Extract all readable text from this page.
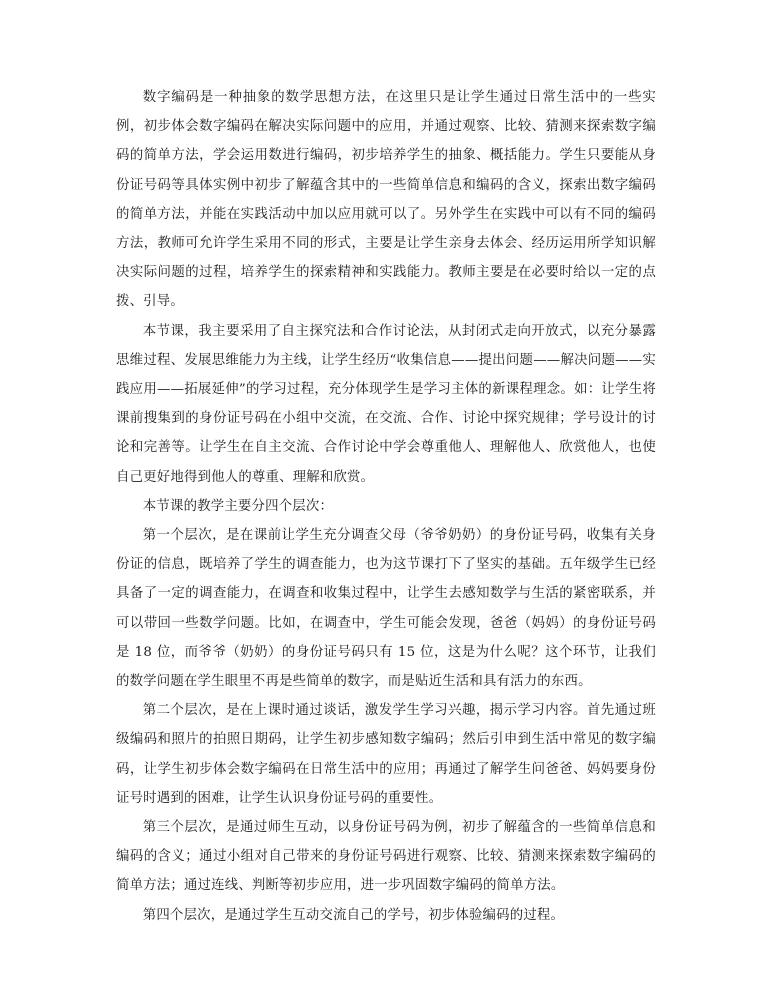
数字编码是一种抽象的数学思想方法，在这里只是让学生通过日常生活中的一些实例，初步体会数字编码在解决实际问题中的应用，并通过观察、比较、猜测来探索数字编码的简单方法，学会运用数进行编码，初步培养学生的抽象、概括能力。学生只要能从身份证号码等具体实例中初步了解蕴含其中的一些简单信息和编码的含义，探索出数字编码的简单方法，并能在实践活动中加以应用就可以了。另外学生在实践中可以有不同的编码方法，教师可允许学生采用不同的形式，主要是让学生亲身去体会、经历运用所学知识解决实际问题的过程，培养学生的探索精神和实践能力。教师主要是在必要时给以一定的点拨、引导。

本节课，我主要采用了自主探究法和合作讨论法，从封闭式走向开放式，以充分暴露思维过程、发展思维能力为主线，让学生经历“收集信息——提出问题——解决问题——实践应用——拓展延伸”的学习过程，充分体现学生是学习主体的新课程理念。如：让学生将课前搜集到的身份证号码在小组中交流，在交流、合作、讨论中探究规律；学号设计的讨论和完善等。让学生在自主交流、合作讨论中学会尊重他人、理解他人、欣赏他人，也使自己更好地得到他人的尊重、理解和欣赏。

本节课的教学主要分四个层次：

第一个层次，是在课前让学生充分调查父母（爷爷奶奶）的身份证号码，收集有关身份证的信息，既培养了学生的调查能力，也为这节课打下了坚实的基础。五年级学生已经具备了一定的调查能力，在调查和收集过程中，让学生去感知数学与生活的紧密联系，并可以带回一些数学问题。比如，在调查中，学生可能会发现，爸爸（妈妈）的身份证号码是 18 位，而爷爷（奶奶）的身份证号码只有 15 位，这是为什么呢？这个环节，让我们的数学问题在学生眼里不再是些简单的数字，而是贴近生活和具有活力的东西。

第二个层次，是在上课时通过谈话，激发学生学习兴趣，揭示学习内容。首先通过班级编码和照片的拍照日期码，让学生初步感知数字编码；然后引申到生活中常见的数字编码，让学生初步体会数字编码在日常生活中的应用；再通过了解学生问爸爸、妈妈要身份证号时遇到的困难，让学生认识身份证号码的重要性。

第三个层次，是通过师生互动，以身份证号码为例，初步了解蕴含的一些简单信息和编码的含义；通过小组对自己带来的身份证号码进行观察、比较、猜测来探索数字编码的简单方法；通过连线、判断等初步应用，进一步巩固数字编码的简单方法。

第四个层次，是通过学生互动交流自己的学号，初步体验编码的过程。
